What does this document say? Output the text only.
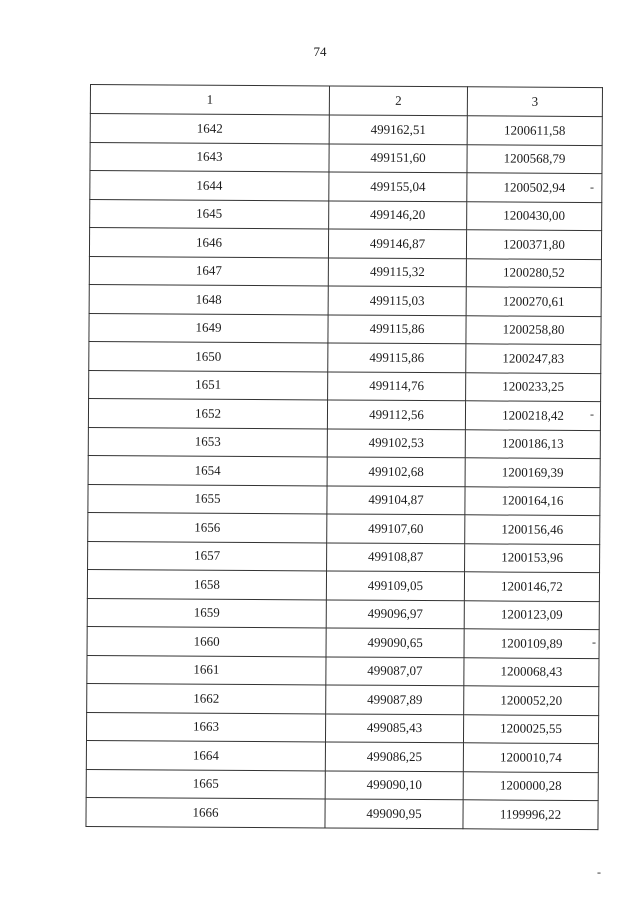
74
1	2	3
1642	499162,51	1200611,58
1643	499151,60	1200568,79
1644	499155,04	1200502,94
1645	499146,20	1200430,00
1646	499146,87	1200371,80
1647	499115,32	1200280,52
1648	499115,03	1200270,61
1649	499115,86	1200258,80
1650	499115,86	1200247,83
1651	499114,76	1200233,25
1652	499112,56	1200218,42
1653	499102,53	1200186,13
1654	499102,68	1200169,39
1655	499104,87	1200164,16
1656	499107,60	1200156,46
1657	499108,87	1200153,96
1658	499109,05	1200146,72
1659	499096,97	1200123,09
1660	499090,65	1200109,89
1661	499087,07	1200068,43
1662	499087,89	1200052,20
1663	499085,43	1200025,55
1664	499086,25	1200010,74
1665	499090,10	1200000,28
1666	499090,95	1199996,22
-
-
-
-
